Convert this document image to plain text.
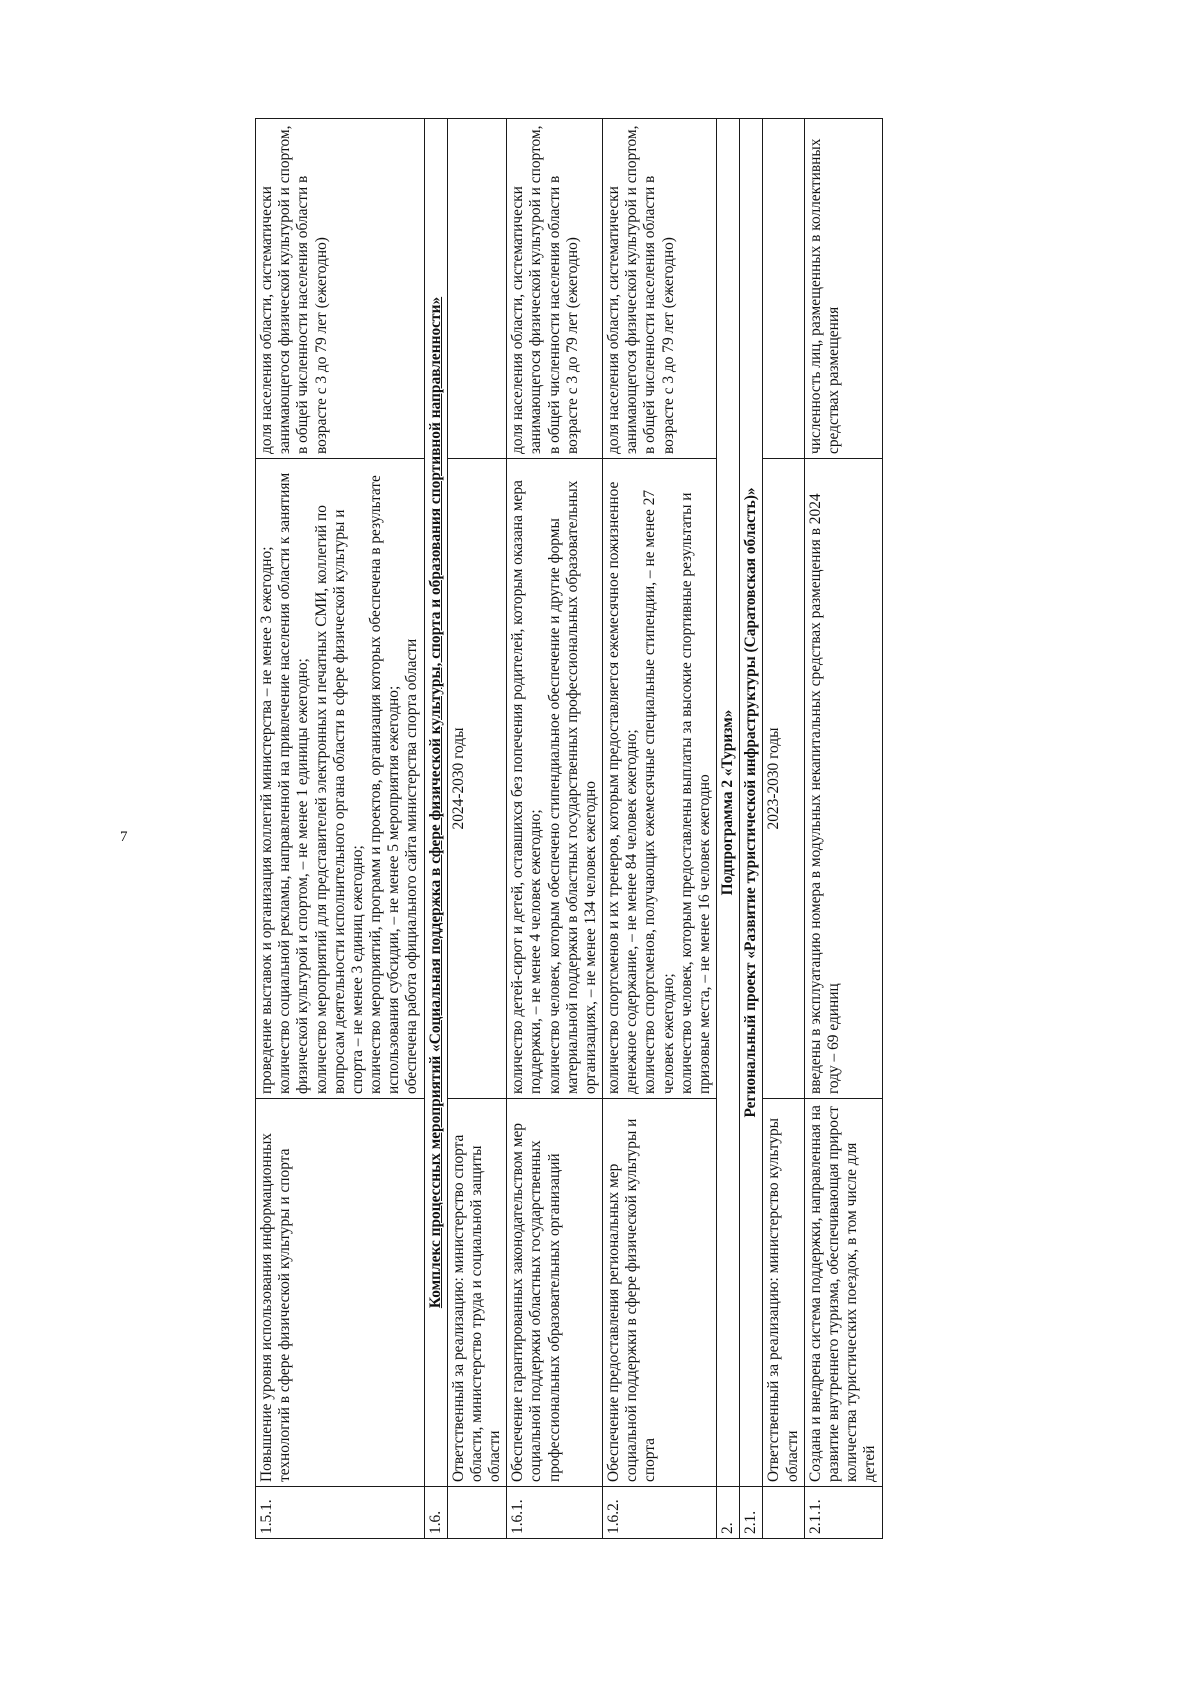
7
1.5.1.	Повышение уровня использования информационных технологий в сфере физической культуры и спорта	проведение выставок и организация коллегий министерства – не менее 3 ежегодно; количество социальной рекламы, направленной на привлечение населения области к занятиям физической культурой и спортом, – не менее 1 единицы ежегодно; количество мероприятий для представителей электронных и печатных СМИ, коллегий по вопросам деятельности исполнительного органа области в сфере физической культуры и спорта – не менее 3 единиц ежегодно; количество мероприятий, программ и проектов, организация которых обеспечена в результате использования субсидии, – не менее 5 мероприятия ежегодно; обеспечена работа официального сайта министерства спорта области	доля населения области, систематически занимающегося физической культурой и спортом, в общей численности населения области в возрасте с 3 до 79 лет (ежегодно)
1.6.	Комплекс процессных мероприятий «Социальная поддержка в сфере физической культуры, спорта и образования спортивной направленности»		
	Ответственный за реализацию: министерство спорта области, министерство труда и социальной защиты области	2024-2030 годы	
1.6.1.	Обеспечение гарантированных законодательством мер социальной поддержки областных государственных профессиональных образовательных организаций	количество детей-сирот и детей, оставшихся без попечения родителей, которым оказана мера поддержки, – не менее 4 человек ежегодно; количество человек, которым обеспечено стипендиальное обеспечение и другие формы материальной поддержки в областных государственных профессиональных образовательных организациях, – не менее 134 человек ежегодно	доля населения области, систематически занимающегося физической культурой и спортом, в общей численности населения области в возрасте с 3 до 79 лет (ежегодно)
1.6.2.	Обеспечение предоставления региональных мер социальной поддержки в сфере физической культуры и спорта	количество спортсменов и их тренеров, которым предоставляется ежемесячное пожизненное денежное содержание, – не менее 84 человек ежегодно; количество спортсменов, получающих ежемесячные специальные стипендии, – не менее 27 человек ежегодно; количество человек, которым предоставлены выплаты за высокие спортивные результаты и призовые места, – не менее 16 человек ежегодно	доля населения области, систематически занимающегося физической культурой и спортом, в общей численности населения области в возрасте с 3 до 79 лет (ежегодно)
2.	Подпрограмма 2 «Туризм»		
2.1.	Региональный проект «Развитие туристической инфраструктуры (Саратовская область)»		
	Ответственный за реализацию: министерство культуры области	2023-2030 годы	
2.1.1.	Создана и внедрена система поддержки, направленная на развитие внутреннего туризма, обеспечивающая прирост количества туристических поездок, в том числе для детей	введены в эксплуатацию номера в модульных некапитальных средствах размещения в 2024 году – 69 единиц	численность лиц, размещенных в коллективных средствах размещения
